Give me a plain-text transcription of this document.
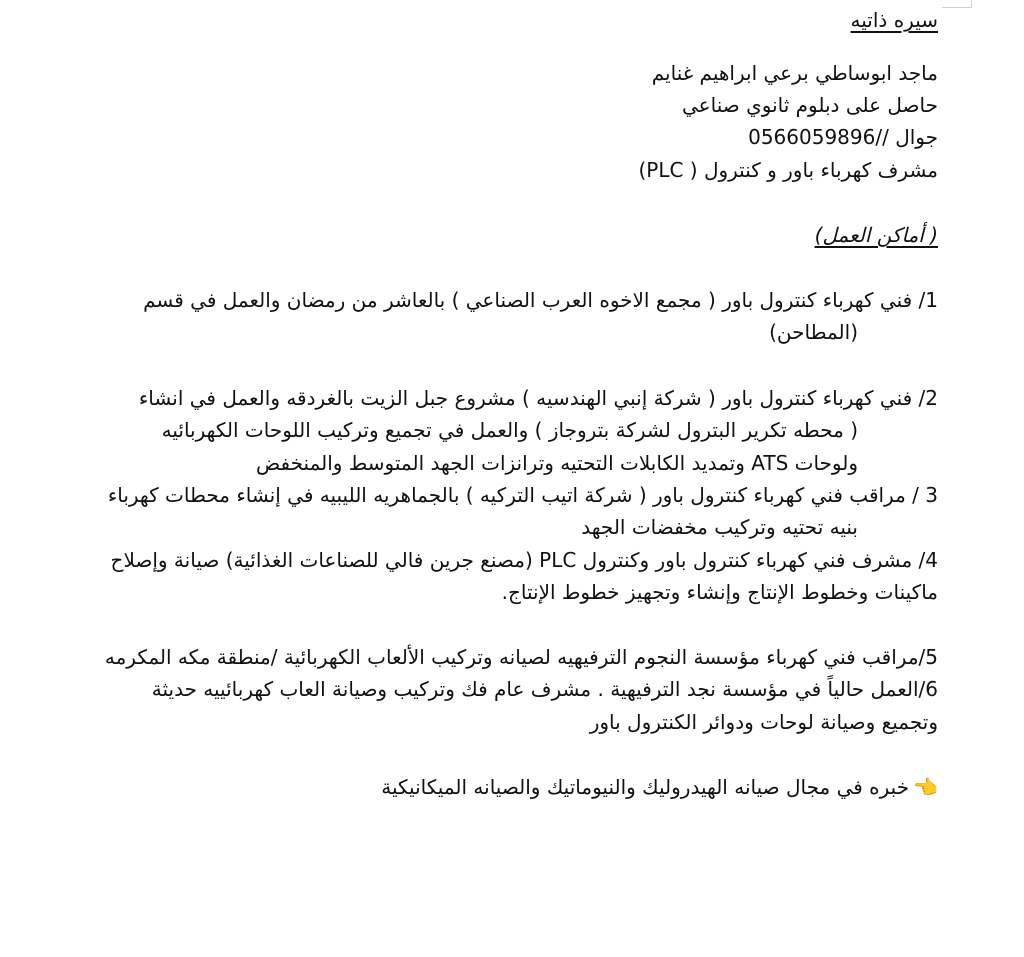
سيره ذاتيه
ماجد ابوساطي برعي ابراهيم غنايم
حاصل على دبلوم ثانوي صناعي
جوال 0566059896//
مشرف كهرباء باور و كنترول ( PLC)
( أماكن العمل)
1/ فني كهرباء كنترول باور ( مجمع الاخوه العرب الصناعي ) بالعاشر من رمضان والعمل في قسم
(المطاحن)
2/ فني كهرباء كنترول باور ( شركة إنبي الهندسيه ) مشروع جبل الزيت بالغردقه والعمل في انشاء
( محطه تكرير البترول لشركة بتروجاز ) والعمل في تجميع وتركيب اللوحات الكهربائيه
ولوحات ATS وتمديد الكابلات التحتيه وترانزات الجهد المتوسط والمنخفض
3 / مراقب فني كهرباء كنترول باور ( شركة اتيب التركيه ) بالجماهريه الليبيه في إنشاء محطات كهرباء
بنيه تحتيه وتركيب مخفضات الجهد
4/ مشرف فني كهرباء كنترول باور وكنترول PLC (مصنع جرين فالي للصناعات الغذائية) صيانة وإصلاح
ماكينات وخطوط الإنتاج وإنشاء وتجهيز خطوط الإنتاج.
5/مراقب فني كهرباء مؤسسة النجوم الترفيهيه لصيانه وتركيب الألعاب الكهربائية /منطقة مكه المكرمه
6/العمل حالياً في مؤسسة نجد الترفيهية . مشرف عام فك وتركيب وصيانة العاب كهربائييه حديثة
وتجميع وصيانة لوحات ودوائر الكنترول باور
👈خبره في مجال صيانه الهيدروليك والنيوماتيك والصيانه الميكانيكية
